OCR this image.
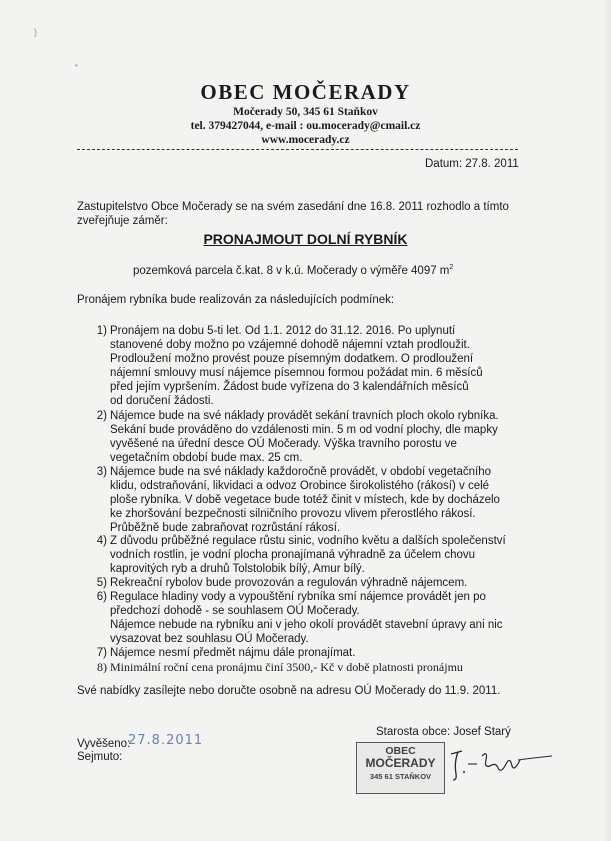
)
•
OBEC MOČERADY
Močerady 50, 345 61 Staňkov
tel. 379427044, e-mail : ou.mocerady@cmail.cz
www.mocerady.cz
Datum: 27.8. 2011
Zastupitelstvo Obce Močerady se na svém zasedání dne 16.8. 2011 rozhodlo a tímto
zveřejňuje záměr:
PRONAJMOUT DOLNÍ RYBNÍK
pozemková parcela č.kat. 8 v k.ú. Močerady o výměře 4097 $m^2$
Pronájem rybníka bude realizován za následujících podmínek:
1) Pronájem na dobu 5-ti let. Od 1.1. 2012 do 31.12. 2016. Po uplynutí
stanovené doby možno po vzájemné dohodě nájemní vztah prodloužit.
Prodloužení možno provést pouze písemným dodatkem. O prodloužení
nájemní smlouvy musí nájemce písemnou formou požádat min. 6 měsíců
před jejím vypršením. Žádost bude vyřízena do 3 kalendářních měsíců
od doručení žádosti.
2) Nájemce bude na své náklady provádět sekání travních ploch okolo rybníka.
Sekání bude prováděno do vzdálenosti min. 5 m od vodní plochy, dle mapky
vyvěšené na úřední desce OÚ Močerady. Výška travního porostu ve
vegetačním období bude max. 25 cm.
3) Nájemce bude na své náklady každoročně provádět, v období vegetačního
klidu, odstraňování, likvidaci a odvoz Orobince širokolistého (rákosí) v celé
ploše rybníka. V době vegetace bude totéž činit v místech, kde by docházelo
ke zhoršování bezpečnosti silničního provozu vlivem přerostlého rákosí.
Průběžně bude zabraňovat rozrůstání rákosí.
4) Z důvodu průběžné regulace růstu sinic, vodního květu a dalších společenství
vodních rostlin, je vodní plocha pronajímaná výhradně za účelem chovu
kaprovitých ryb a druhů Tolstolobik bílý, Amur bílý.
5) Rekreační rybolov bude provozován a regulován výhradně nájemcem.
6) Regulace hladiny vody a vypouštění rybníka smí nájemce provádět jen po
předchozí dohodě - se souhlasem OÚ Močerady.
Nájemce nebude na rybníku ani v jeho okolí provádět stavební úpravy ani nic
vysazovat bez souhlasu OÚ Močerady.
7) Nájemce nesmí předmět nájmu dále pronajímat.
8) Minimální roční cena pronájmu činí 3500,- Kč v době platnosti pronájmu
Své nabídky zasílejte nebo doručte osobně na adresu OÚ Močerady do 11.9. 2011.
Starosta obce: Josef Starý
Vyvěšeno:
27.8.2011
Sejmuto:	OBEC
MOČERADY
345 61 STAŇKOV
